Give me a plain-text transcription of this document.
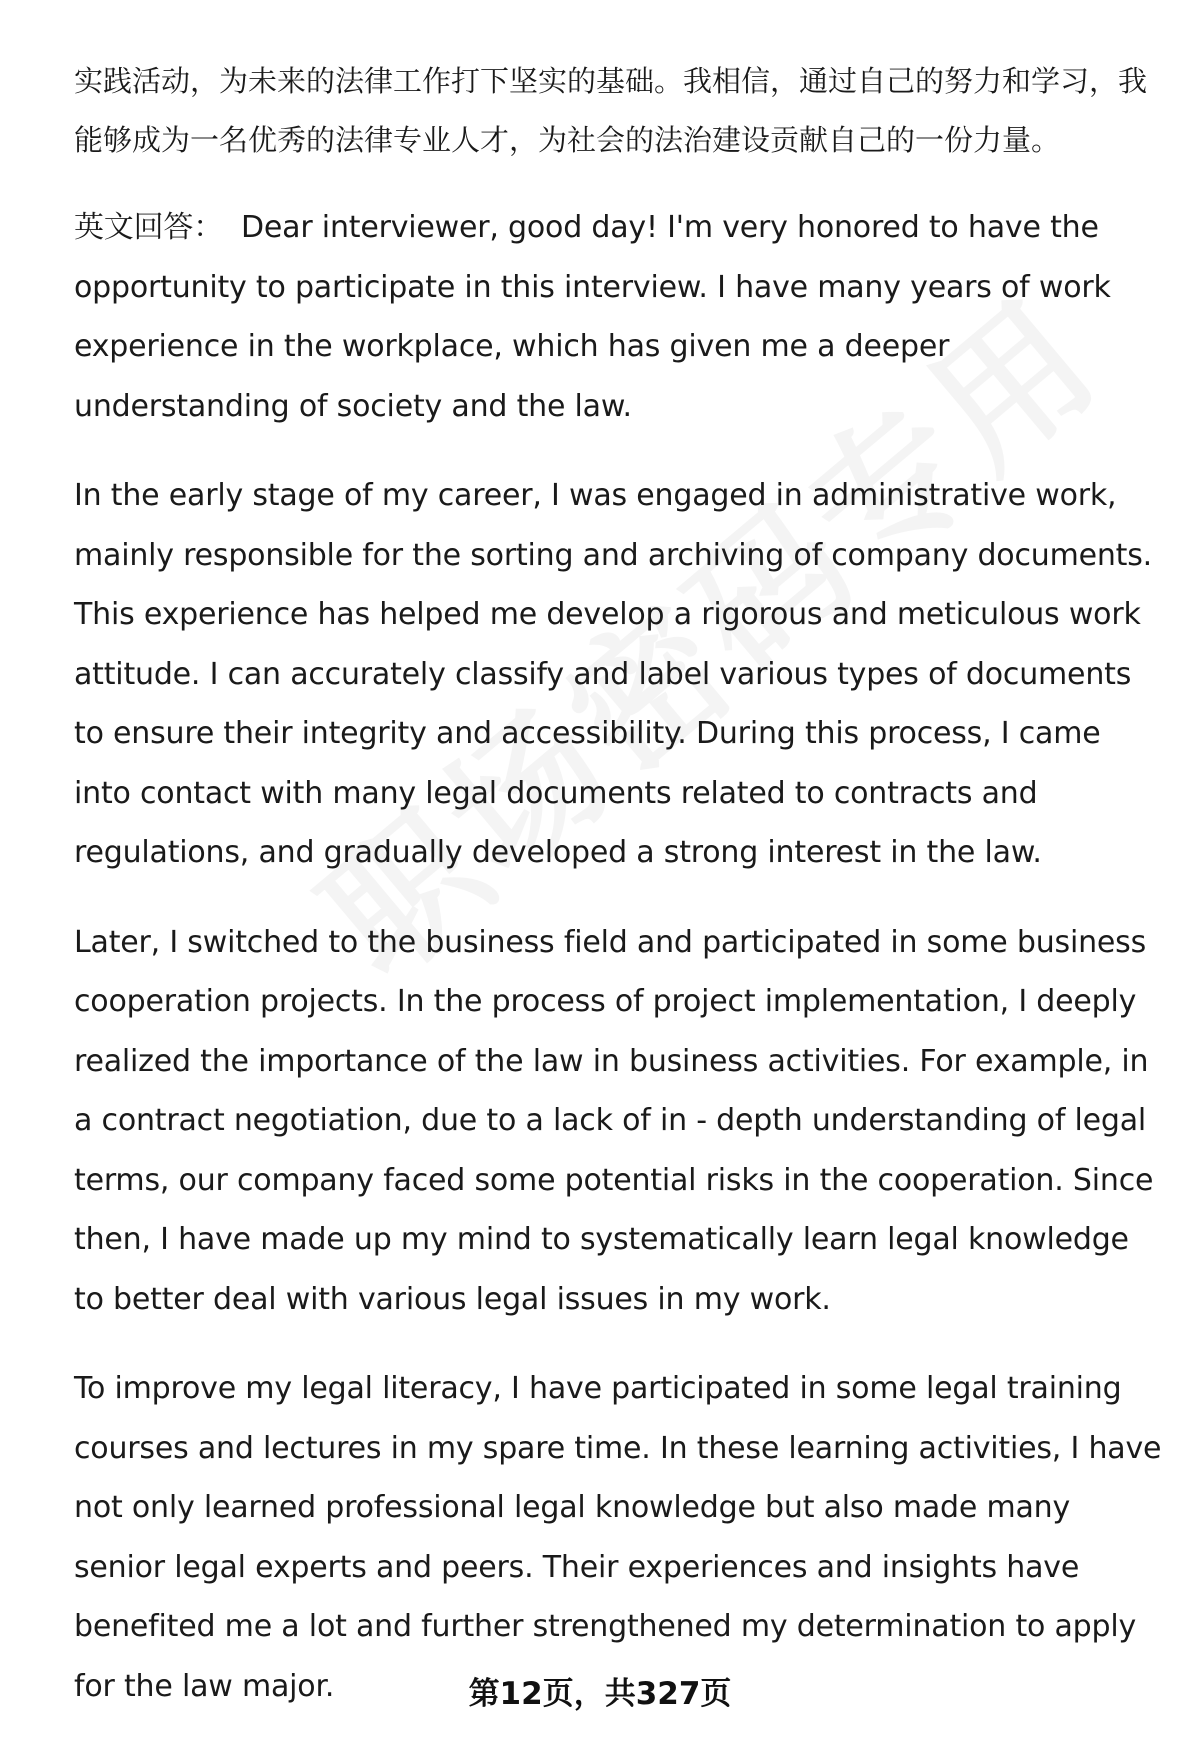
实践活动，为未来的法律工作打下坚实的基础。我相信，通过自己的努力和学习，我能够成为一名优秀的法律专业人才，为社会的法治建设贡献自己的一份力量。

英文回答： Dear interviewer, good day! I'm very honored to have the opportunity to participate in this interview. I have many years of work experience in the workplace, which has given me a deeper understanding of society and the law.

In the early stage of my career, I was engaged in administrative work, mainly responsible for the sorting and archiving of company documents. This experience has helped me develop a rigorous and meticulous work attitude. I can accurately classify and label various types of documents to ensure their integrity and accessibility. During this process, I came into contact with many legal documents related to contracts and regulations, and gradually developed a strong interest in the law.

Later, I switched to the business field and participated in some business cooperation projects. In the process of project implementation, I deeply realized the importance of the law in business activities. For example, in a contract negotiation, due to a lack of in - depth understanding of legal terms, our company faced some potential risks in the cooperation. Since then, I have made up my mind to systematically learn legal knowledge to better deal with various legal issues in my work.

To improve my legal literacy, I have participated in some legal training courses and lectures in my spare time. In these learning activities, I have not only learned professional legal knowledge but also made many senior legal experts and peers. Their experiences and insights have benefited me a lot and further strengthened my determination to apply for the law major.	第12页，共327页
